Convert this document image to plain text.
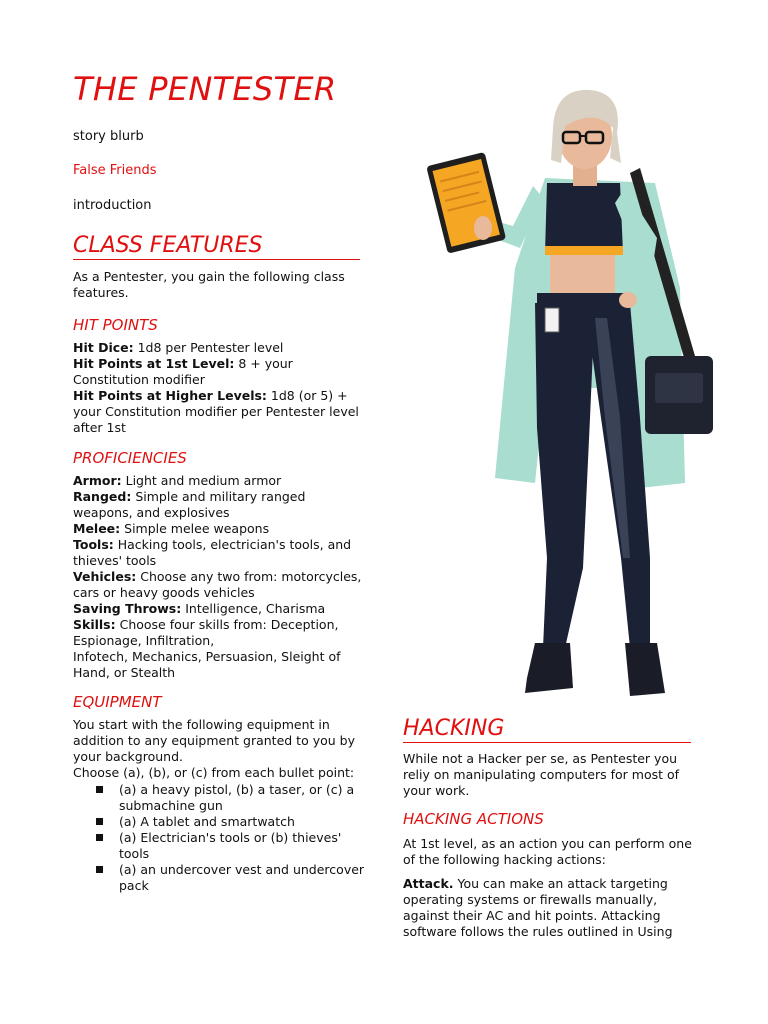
THE PENTESTER

story blurb

False Friends

introduction

CLASS FEATURES

As a Pentester, you gain the following class features.

HIT POINTS
Hit Dice: 1d8 per Pentester level
Hit Points at 1st Level: 8 + your Constitution modifier
Hit Points at Higher Levels: 1d8 (or 5) + your Constitution modifier per Pentester level after 1st
PROFICIENCIES
Armor: Light and medium armor
Ranged: Simple and military ranged weapons, and explosives
Melee: Simple melee weapons
Tools: Hacking tools, electrician's tools, and thieves' tools
Vehicles: Choose any two from: motorcycles, cars or heavy goods vehicles
Saving Throws: Intelligence, Charisma
Skills: Choose four skills from: Deception, Espionage, Infiltration,
Infotech, Mechanics, Persuasion, Sleight of Hand, or Stealth
EQUIPMENT

You start with the following equipment in addition to any equipment granted to you by your background.

Choose (a), (b), or (c) from each bullet point:

(a) a heavy pistol, (b) a taser, or (c) a submachine gun
(a) A tablet and smartwatch
(a) Electrician's tools or (b) thieves' tools
(a) an undercover vest and undercover pack
HACKING

While not a Hacker per se, as Pentester you reliy on manipulating computers for most of your work.

HACKING ACTIONS

At 1st level, as an action you can perform one of the following hacking actions:

Attack. You can make an attack targeting operating systems or firewalls manually, against their AC and hit points. Attacking software follows the rules outlined in Using
